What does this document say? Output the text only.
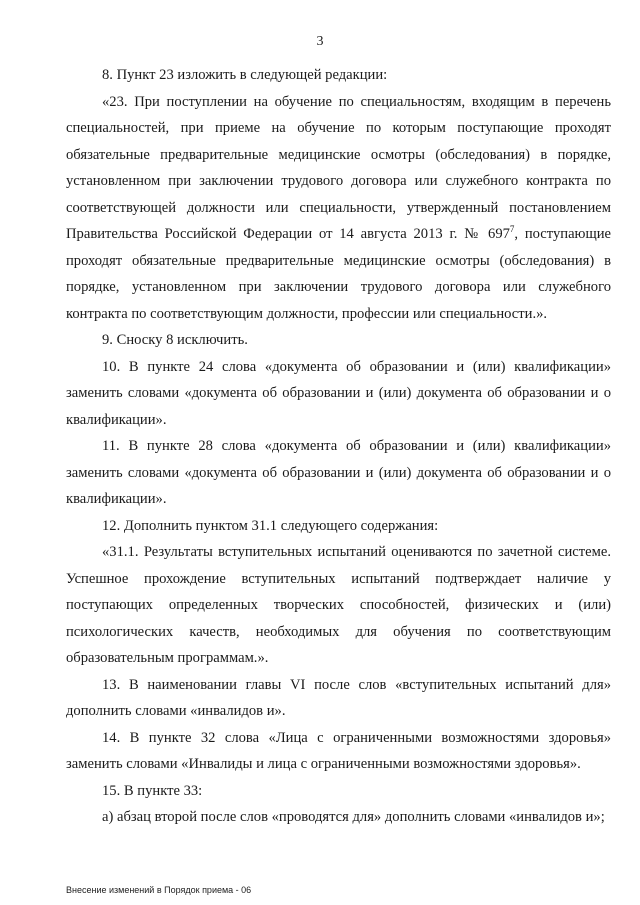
3

8. Пункт 23 изложить в следующей редакции:

«23. При поступлении на обучение по специальностям, входящим в перечень специальностей, при приеме на обучение по которым поступающие проходят обязательные предварительные медицинские осмотры (обследования) в порядке, установленном при заключении трудового договора или служебного контракта по соответствующей должности или специальности, утвержденный постановлением Правительства Российской Федерации от 14 августа 2013 г. № $697^7$, поступающие проходят обязательные предварительные медицинские осмотры (обследования) в порядке, установленном при заключении трудового договора или служебного контракта по соответствующим должности, профессии или специальности.».

9. Сноску 8 исключить.

10. В пункте 24 слова «документа об образовании и (или) квалификации» заменить словами «документа об образовании и (или) документа об образовании и о квалификации».

11. В пункте 28 слова «документа об образовании и (или) квалификации» заменить словами «документа об образовании и (или) документа об образовании и о квалификации».

12. Дополнить пунктом 31.1 следующего содержания:

«31.1. Результаты вступительных испытаний оцениваются по зачетной системе. Успешное прохождение вступительных испытаний подтверждает наличие у поступающих определенных творческих способностей, физических и (или) психологических качеств, необходимых для обучения по соответствующим образовательным программам.».

13. В наименовании главы VI после слов «вступительных испытаний для» дополнить словами «инвалидов и».

14. В пункте 32 слова «Лица с ограниченными возможностями здоровья» заменить словами «Инвалиды и лица с ограниченными возможностями здоровья».

15. В пункте 33:

а) абзац второй после слов «проводятся для» дополнить словами «инвалидов и»;

Внесение изменений в Порядок приема - 06
